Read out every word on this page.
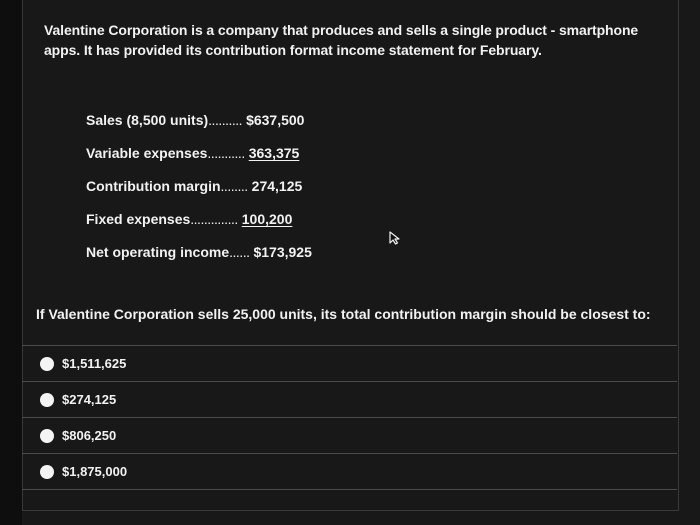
Valentine Corporation is a company that produces and sells a single product - smartphone apps. It has provided its contribution format income statement for February.
Sales (8,500 units).......... $637,500
Variable expenses........... 363,375
Contribution margin........ 274,125
Fixed expenses.............. 100,200
Net operating income...... $173,925
If Valentine Corporation sells 25,000 units, its total contribution margin should be closest to:
$1,511,625
$274,125
$806,250
$1,875,000
